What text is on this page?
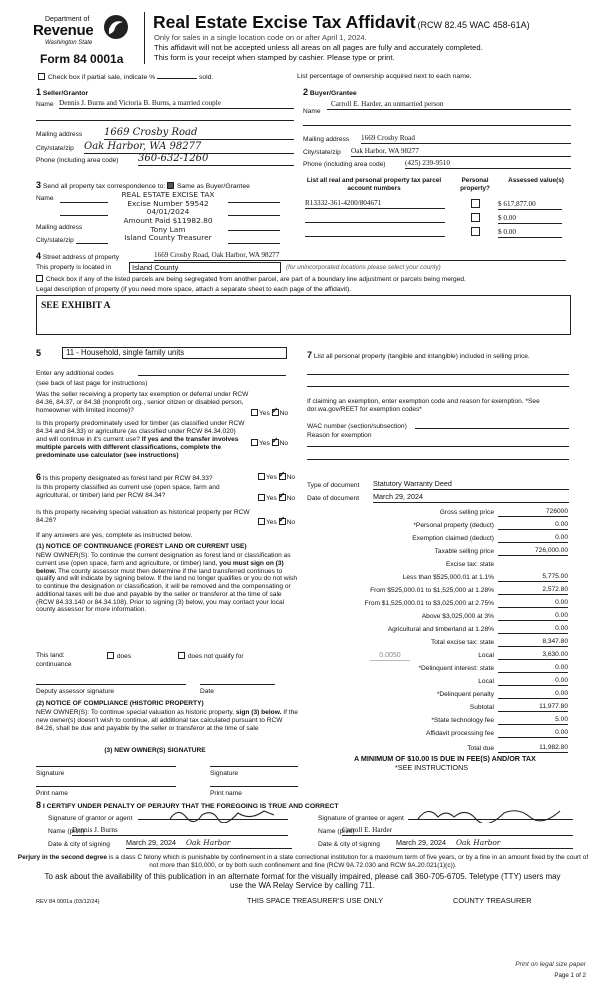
Department of
Revenue
Washington State
Form 84 0001a
Real Estate Excise Tax Affidavit (RCW 82.45 WAC 458-61A)
Only for sales in a single location code on or after April 1, 2024.
This affidavit will not be accepted unless all areas on all pages are fully and accurately completed.
This form is your receipt when stamped by cashier. Please type or print.
Check box if partial sale, indicate %	sold.	List percentage of ownership acquired next to each name.
1 Seller/Grantor
Name Dennis J. Burns and Victoria B. Burns, a married couple
Mailing address 1669 Crosby Road
City/state/zip Oak Harbor, WA 98277
Phone (including area code) 360-632-1260
2 Buyer/Grantee
Name
Carroll E. Harder, an unmarried person
Mailing address 1669 Crosby Road
City/state/zip Oak Harbor, WA 98277
Phone (including area code)	(425) 239-9510
3 Send all property tax correspondence to: Same as Buyer/Grantee
Name
Mailing address
City/state/zip
REAL ESTATE EXCISE TAX
Excise Number 59542
04/01/2024
Amount Paid $11982.80
Tony Lam
Island County Treasurer
List all real and personal property tax parcel account numbers
Personal property?
Assessed value(s)
R13332-361-4200/804671	$ 617,877.00
$ 0.00
$ 0.00
4 Street address of property	1669 Crosby Road, Oak Harbor, WA 98277
This property is located in	Island County	(for unincorporated locations please select your county)
Check box if any of the listed parcels are being segregated from another parcel, are part of a boundary line adjustment or parcels being merged.
Legal description of property (if you need more space, attach a separate sheet to each page of the affidavit).
SEE EXHIBIT A
5	11 - Household, single family units
Enter any additional codes
(see back of last page for instructions)
Was the seller receiving a property tax exemption or deferral under RCW 84.36, 84.37, or 84.38 (nonprofit org., senior citizen or disabled person, homeowner with limited income)?	Yes ✓ No
Is this property predominately used for timber (as classified under RCW 84.34 and 84.33) or agriculture (as classified under RCW 84.34.020) and will continue in it's current use? If yes and the transfer involves multiple parcels with different classifications, complete the predominate use calculator (see instructions)
Yes ✓ No
7 List all personal property (tangible and intangible) included in selling price.
If claiming an exemption, enter exemption code and reason for exemption. *See dor.wa.gov/REET for exemption codes*
WAC number (section/subsection)
Reason for exemption
6 Is this property designated as forest land per RCW 84.33?	Yes ✓ No
Is this property classified as current use (open space, farm and agricultural, or timber) land per RCW 84.34?	Yes ✓ No
Is this property receiving special valuation as historical property per RCW 84.26?	Yes ✓ No
If any answers are yes, complete as instructed below.
(1) NOTICE OF CONTINUANCE (FOREST LAND OR CURRENT USE)
NEW OWNER(S): To continue the current designation as forest land or classification as current use (open space, farm and agriculture, or timber) land, you must sign on (3) below. The county assessor must then determine if the land transferred continues to qualify and will indicate by signing below. If the land no longer qualifies or you do not wish to continue the designation or classification, it will be removed and the compensating or additional taxes will be due and payable by the seller or transferor at the time of sale (RCW 84.33.140 or 84.34.108). Prior to signing (3) below, you may contact your local county assessor for more information.
This land:
continuance
does	does not qualify for
Deputy assessor signature	Date
(2) NOTICE OF COMPLIANCE (HISTORIC PROPERTY)
NEW OWNER(S): To continue special valuation as historic property, sign (3) below. If the new owner(s) doesn't wish to continue, all additional tax calculated pursuant to RCW 84.26, shall be due and payable by the seller or transferor at the time of sale
(3) NEW OWNER(S) SIGNATURE
Signature	Signature
Print name	Print name
Type of document Statutory Warranty Deed
Date of document March 29, 2024
Gross selling price	726000
*Personal property (deduct)	0.00
Exemption claimed (deduct)	0.00
Taxable selling price	726,000.00
Excise tax: state
Less than $525,000.01 at 1.1%	5,775.00
From $525,000.01 to $1,525,000 at 1.28%	2,572.80
From $1,525,000.01 to $3,025,000 at 2.75%	0.00
Above $3,025,000 at 3%	0.00
Agricultural and timberland at 1.28%	0.00
Total excise tax: state	8,347.80
0.0050	Local	3,630.00
*Delinquent interest: state	0.00
Local	0.00
*Delinquent penalty	0.00
Subtotal	11,977.80
*State technology fee	5.00
Affidavit processing fee	0.00
Total due	11,982.80
A MINIMUM OF $10.00 IS DUE IN FEE(S) AND/OR TAX
*SEE INSTRUCTIONS
8 I CERTIFY UNDER PENALTY OF PERJURY THAT THE FOREGOING IS TRUE AND CORRECT
Signature of grantor or agent
Name (print)
Dennis J. Burns
Date & city of signing March 29, 2024 Oak Harbor
Signature of grantee or agent
Name (print)
Carroll E. Harder
Date & city of signing March 29, 2024 Oak Harbor
Perjury in the second degree is a class C felony which is punishable by confinement in a state correctional institution for a maximum term of five years, or by a fine in an amount fixed by the court of not more than $10,000, or by both such confinement and fine (RCW 9A.72.030 and RCW 9A.20.021(1)(c)).
To ask about the availability of this publication in an alternate format for the visually impaired, please call 360-705-6705. Teletype (TTY) users may use the WA Relay Service by calling 711.
REV 84 0001a (03/12/24)	THIS SPACE TREASURER'S USE ONLY	COUNTY TREASURER
Print on legal size paper
Page 1 of 2
